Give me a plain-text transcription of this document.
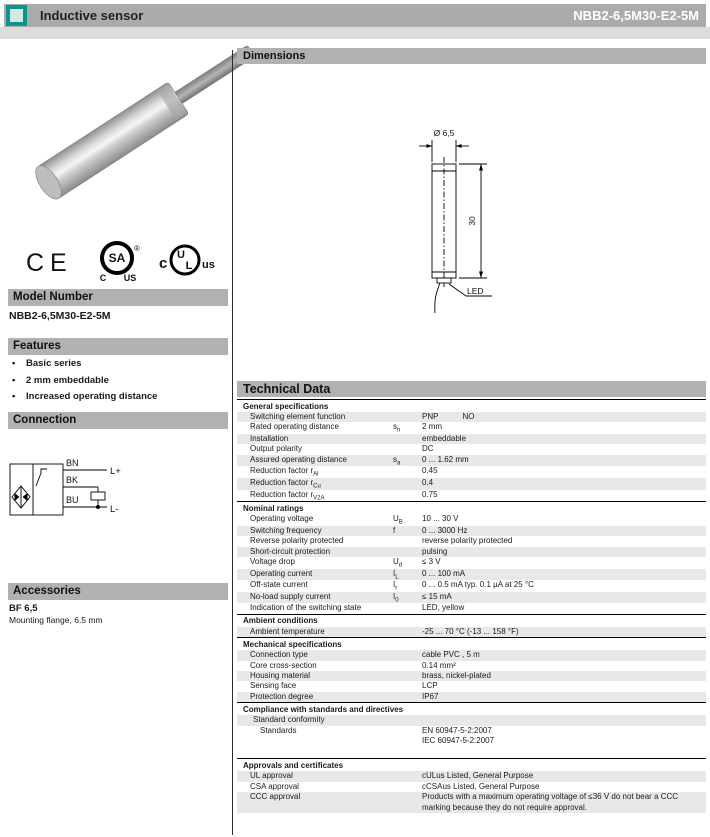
Inductive sensor	NBB2-6,5M30-E2-5M
CE	SA
®
C US
c U
L us
Model Number
NBB2-6,5M30-E2-5M
Features
•	Basic series
•	2 mm embeddable
•	Increased operating distance
Connection
BN
BK
BU
L+
L-
Accessories
BF 6,5
Mounting flange, 6.5 mm
Dimensions
Ø 6,5
30
LED
Technical Data
General specifications
Switching element function	PNP	NO
Rated operating distance	$s_n$	2 mm
Installation	embeddable
Output polarity	DC
Assured operating distance	$s_a$	0 ... 1.62 mm
Reduction factor $r_{Al}$	0.45
Reduction factor $r_{Cu}$	0.4
Reduction factor $r_{V2A}$	0.75
Nominal ratings
Operating voltage	$U_B$	10 ... 30 V
Switching frequency	f	0 ... 3000 Hz
Reverse polarity protected	reverse polarity protected
Short-circuit protection	pulsing
Voltage drop	$U_d$	≤ 3 V
Operating current	$I_L$	0 ... 100 mA
Off-state current	$I_r$	0 ... 0.5 mA typ. 0.1 µA at 25 °C
No-load supply current	$I_0$	≤ 15 mA
Indication of the switching state	LED, yellow
Ambient conditions
Ambient temperature	-25 ... 70 °C (-13 ... 158 °F)
Mechanical specifications
Connection type	cable PVC , 5 m
Core cross-section	0.14 mm²
Housing material	brass, nickel-plated
Sensing face	LCP
Protection degree	IP67
Compliance with standards and directives
Standard conformity
Standards	EN 60947-5-2:2007
IEC 60947-5-2:2007
Approvals and certificates
UL approval	cULus Listed, General Purpose
CSA approval	cCSAus Listed, General Purpose
CCC approval	Products with a maximum operating voltage of ≤36 V do not bear a CCC marking because they do not require approval.
